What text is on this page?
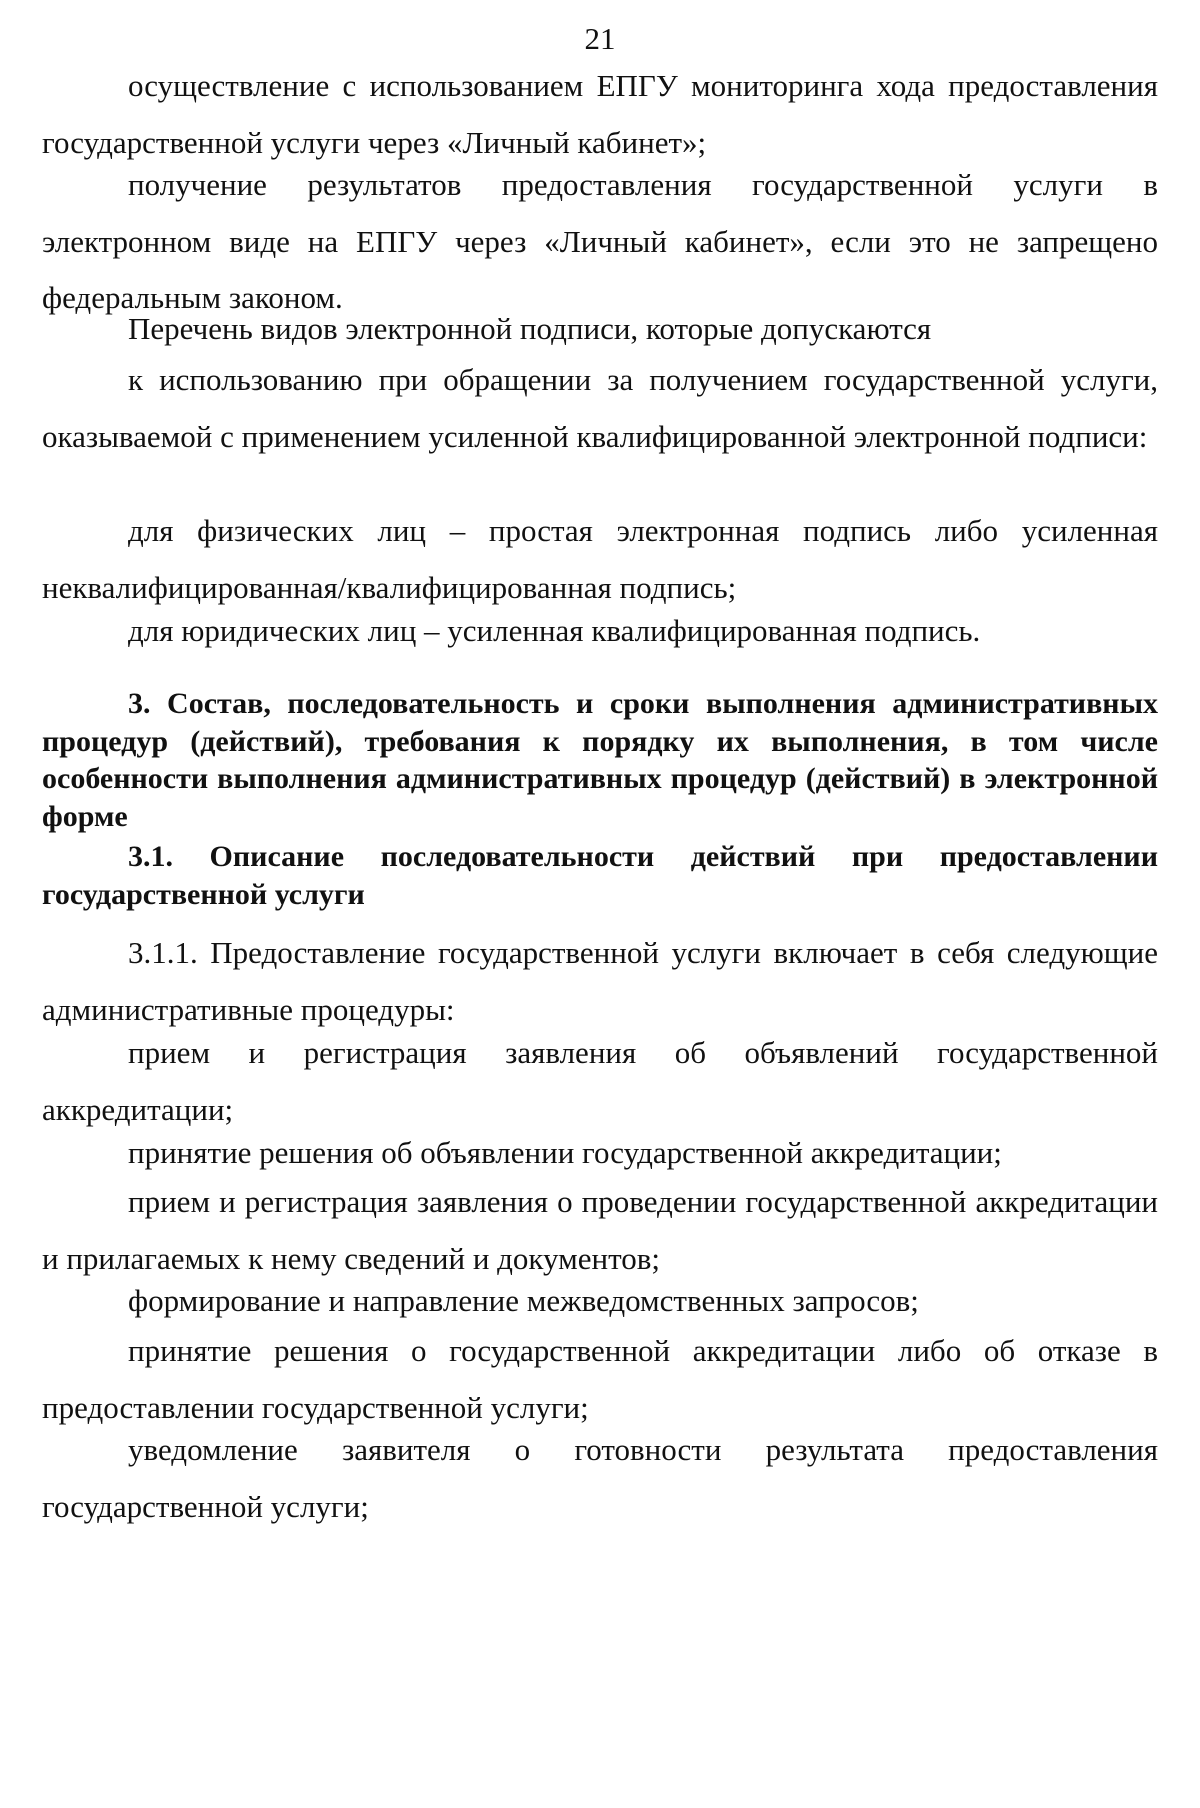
21

осуществление с использованием ЕПГУ мониторинга хода предоставления государственной услуги через «Личный кабинет»;

получение результатов предоставления государственной услуги в электронном виде на ЕПГУ через «Личный кабинет», если это не запрещено федеральным законом.

Перечень видов электронной подписи, которые допускаются

к использованию при обращении за получением государственной услуги, оказываемой с применением усиленной квалифицированной электронной подписи:

для физических лиц – простая электронная подпись либо усиленная неквалифицированная/квалифицированная подпись;

для юридических лиц – усиленная квалифицированная подпись.

3. Состав, последовательность и сроки выполнения административных процедур (действий), требования к порядку их выполнения, в том числе особенности выполнения административных процедур (действий) в электронной форме
3.1. Описание последовательности действий при предоставлении государственной услуги

3.1.1. Предоставление государственной услуги включает в себя следующие административные процедуры:

прием и регистрация заявления об объявлений государственной аккредитации;

принятие решения об объявлении государственной аккредитации;

прием и регистрация заявления о проведении государственной аккредитации и прилагаемых к нему сведений и документов;

формирование и направление межведомственных запросов;

принятие решения о государственной аккредитации либо об отказе в предоставлении государственной услуги;

уведомление заявителя о готовности результата предоставления государственной услуги;
